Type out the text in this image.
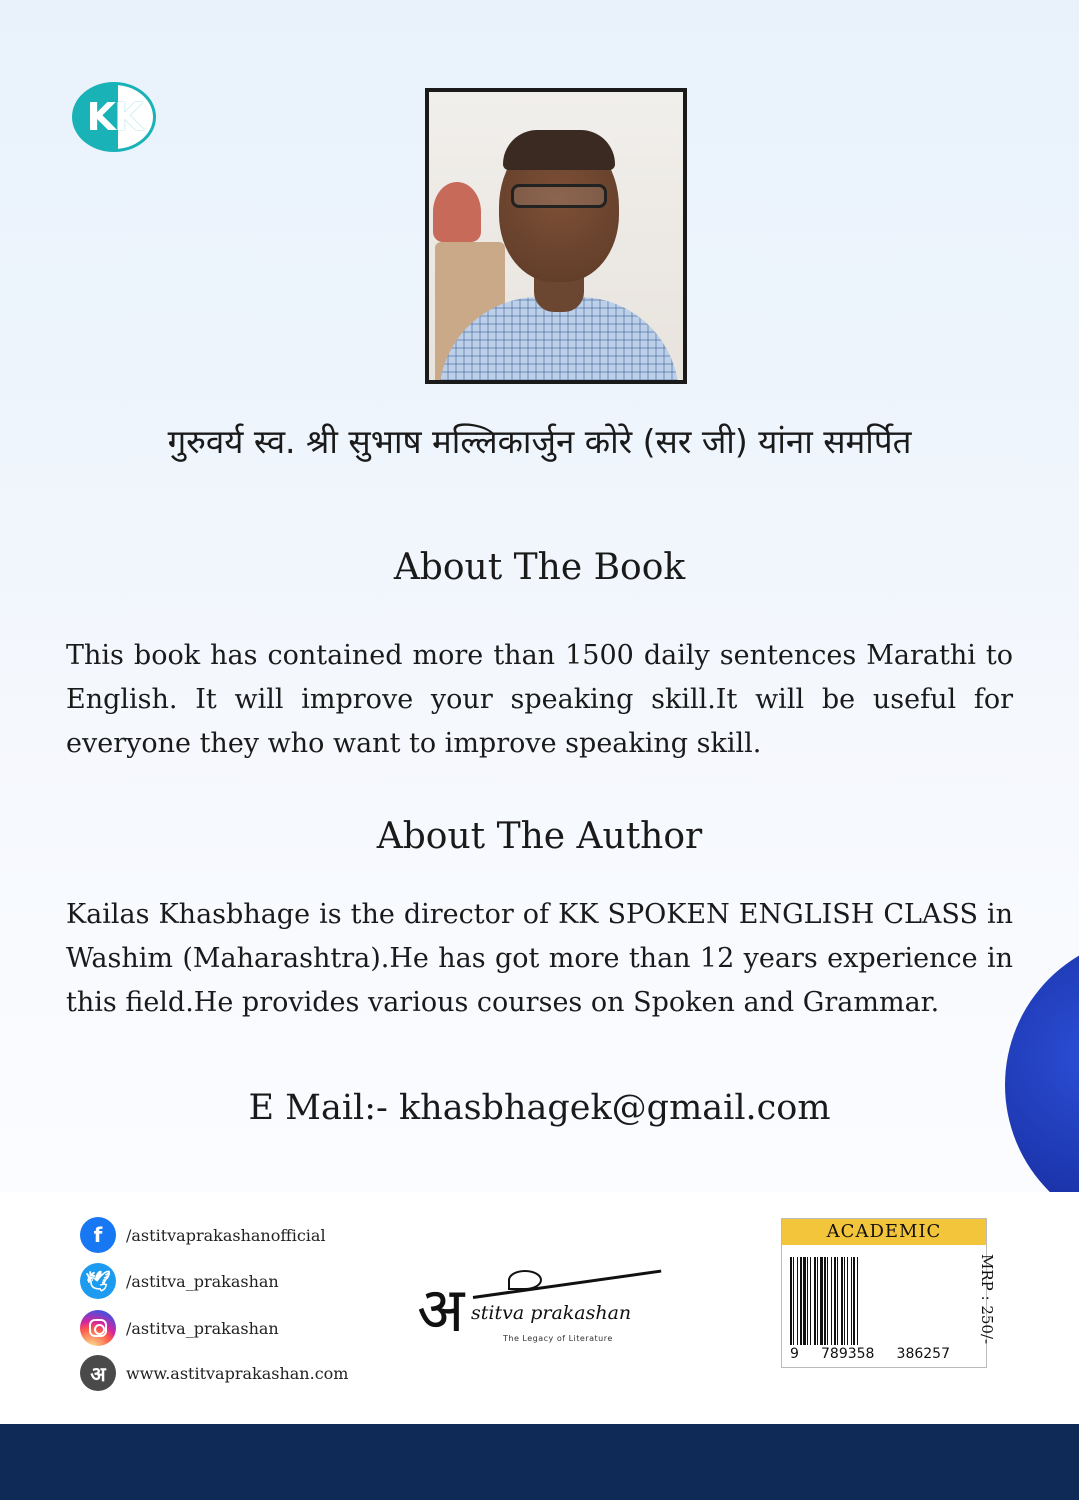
KK
गुरुवर्य स्व. श्री सुभाष मल्लिकार्जुन कोरे (सर जी) यांना समर्पित
About The Book

This book has contained more than 1500 daily sentences Marathi to English. It will improve your speaking skill.It will be useful for everyone they who want to improve speaking skill.

About The Author

Kailas Khasbhage is the director of KK SPOKEN ENGLISH CLASS in Washim (Maharashtra).He has got more than 12 years experience in this field.He provides various courses on Spoken and Grammar.

E Mail:- khasbhagek@gmail.com
f	/astitvaprakashanofficial
🕊 /astitva_prakashan
/astitva_prakashan
अ	www.astitvaprakashan.com
अ stitva prakashan
The Legacy of Literature
ACADEMIC
9 789358 386257
MRP : 250/-
